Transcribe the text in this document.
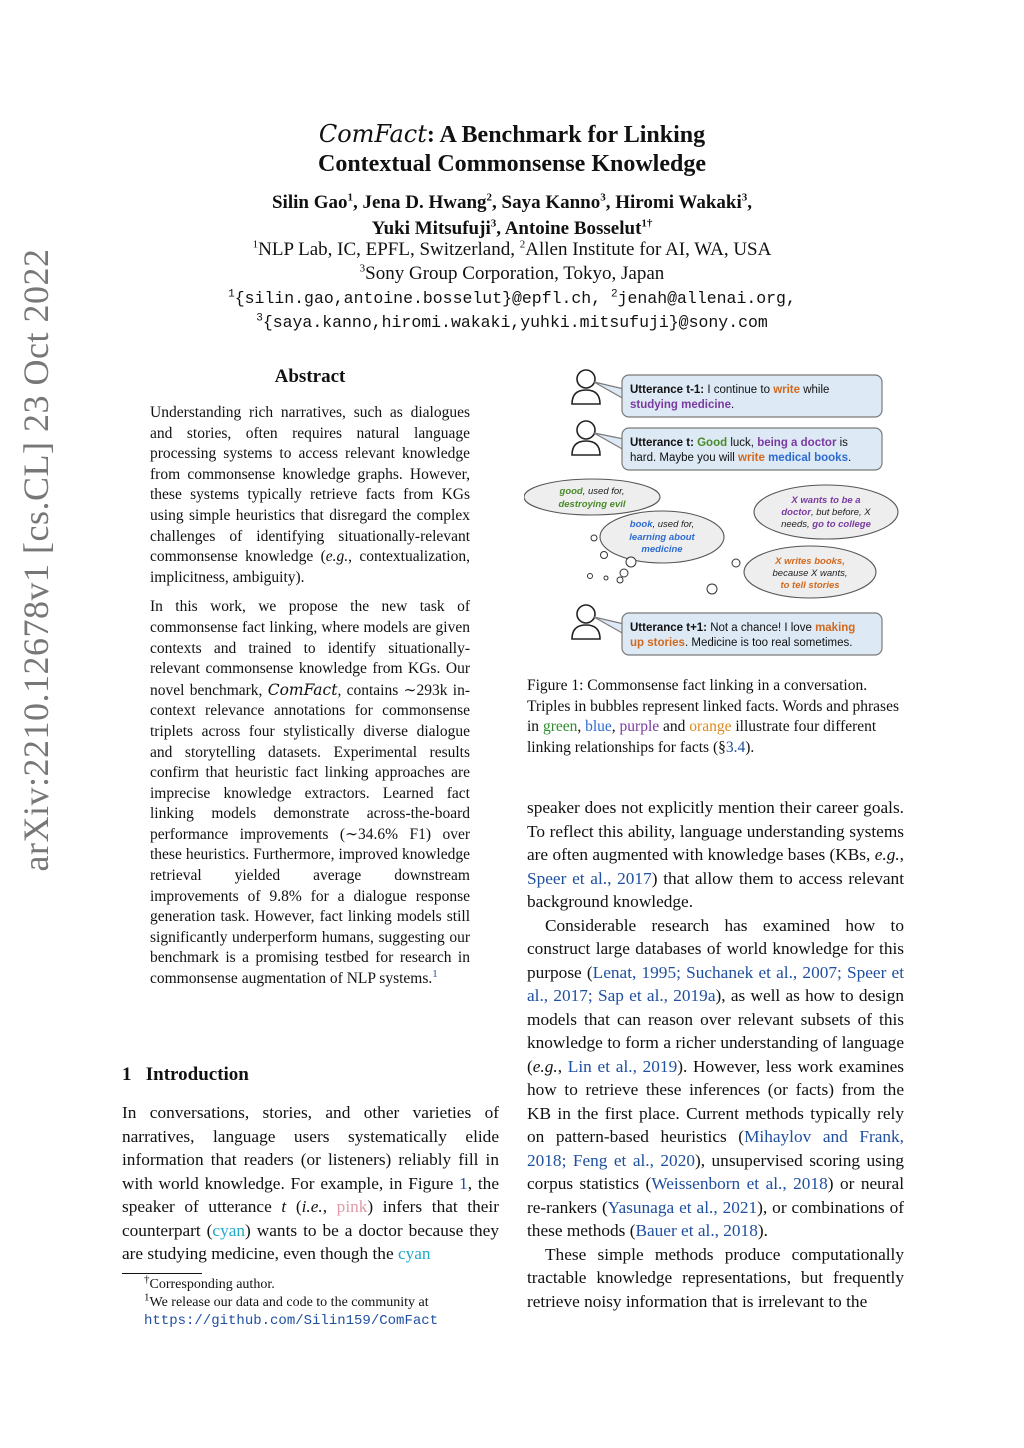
arXiv:2210.12678v1 [cs.CL] 23 Oct 2022
ComFact: A Benchmark for Linking
Contextual Commonsense Knowledge
Silin Gao$^1$, Jena D. Hwang$^2$, Saya Kanno$^3$, Hiromi Wakaki$^3$,
Yuki Mitsufuji$^3$, Antoine Bosselut$^{1\dagger}$
$^1$NLP Lab, IC, EPFL, Switzerland, $^2$Allen Institute for AI, WA, USA
$^3$Sony Group Corporation, Tokyo, Japan
$^1${silin.gao,antoine.bosselut}@epfl.ch, $^2$jenah@allenai.org,
$^3${saya.kanno,hiromi.wakaki,yuhki.mitsufuji}@sony.com
Abstract

Understanding rich narratives, such as dialogues and stories, often requires natural language processing systems to access relevant knowledge from commonsense knowledge graphs. However, these systems typically retrieve facts from KGs using simple heuristics that disregard the complex challenges of identifying situationally-relevant commonsense knowledge (e.g., contextualization, implicitness, ambiguity).

In this work, we propose the new task of commonsense fact linking, where models are given contexts and trained to identify situationally-relevant commonsense knowledge from KGs. Our novel benchmark, ComFact, contains ∼293k in-context relevance annotations for commonsense triplets across four stylistically diverse dialogue and storytelling datasets. Experimental results confirm that heuristic fact linking approaches are imprecise knowledge extractors. Learned fact linking models demonstrate across-the-board performance improvements (∼34.6% F1) over these heuristics. Furthermore, improved knowledge retrieval yielded average downstream improvements of 9.8% for a dialogue response generation task. However, fact linking models still significantly underperform humans, suggesting our benchmark is a promising testbed for research in commonsense augmentation of NLP systems.$^1$

1 Introduction

In conversations, stories, and other varieties of narratives, language users systematically elide information that readers (or listeners) reliably fill in with world knowledge. For example, in Figure 1, the speaker of utterance t (i.e., pink) infers that their counterpart (cyan) wants to be a doctor because they are studying medicine, even though the cyan

†Corresponding author.

$^1$We release our data and code to the community at https://github.com/Silin159/ComFact

Utterance t-1: I continue to write while
studying medicine.
Utterance t: Good luck, being a doctor is
hard. Maybe you will write medical books.
Utterance t+1: Not a chance! I love making
up stories. Medicine is too real sometimes.
good, used for,
destroying evil
book, used for,
learning about
medicine
X wants to be a
doctor, but before, X
needs, go to college
X writes books,
because X wants,
to tell stories
Figure 1: Commonsense fact linking in a conversation. Triples in bubbles represent linked facts. Words and phrases in green, blue, purple and orange illustrate four different linking relationships for facts (§3.4).

speaker does not explicitly mention their career goals. To reflect this ability, language understanding systems are often augmented with knowledge bases (KBs, e.g., Speer et al., 2017) that allow them to access relevant background knowledge.

Considerable research has examined how to construct large databases of world knowledge for this purpose (Lenat, 1995; Suchanek et al., 2007; Speer et al., 2017; Sap et al., 2019a), as well as how to design models that can reason over relevant subsets of this knowledge to form a richer understanding of language (e.g., Lin et al., 2019). However, less work examines how to retrieve these inferences (or facts) from the KB in the first place. Current methods typically rely on pattern-based heuristics (Mihaylov and Frank, 2018; Feng et al., 2020), unsupervised scoring using corpus statistics (Weissenborn et al., 2018) or neural re-rankers (Yasunaga et al., 2021), or combinations of these methods (Bauer et al., 2018).

These simple methods produce computationally tractable knowledge representations, but frequently retrieve noisy information that is irrelevant to the
